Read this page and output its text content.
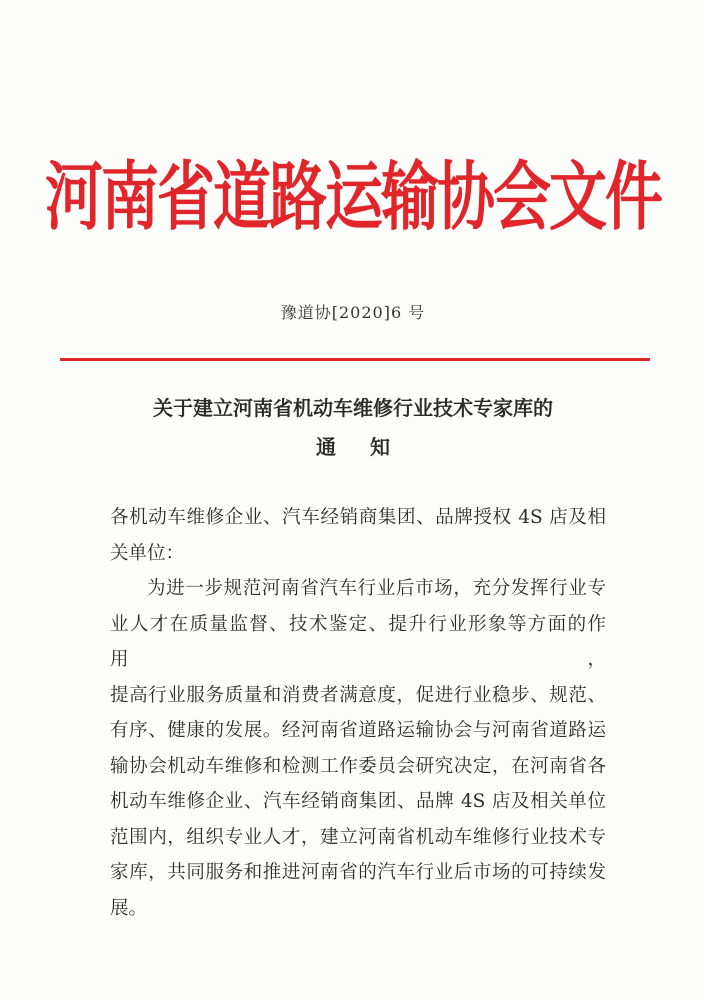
河南省道路运输协会文件
豫道协[2020]6 号
关于建立河南省机动车维修行业技术专家库的
通知
各机动车维修企业、汽车经销商集团、品牌授权 4S 店及相
关单位：
为进一步规范河南省汽车行业后市场，充分发挥行业专
业人才在质量监督、技术鉴定、提升行业形象等方面的作用，
提高行业服务质量和消费者满意度，促进行业稳步、规范、
有序、健康的发展。经河南省道路运输协会与河南省道路运
输协会机动车维修和检测工作委员会研究决定，在河南省各
机动车维修企业、汽车经销商集团、品牌 4S 店及相关单位
范围内，组织专业人才，建立河南省机动车维修行业技术专
家库，共同服务和推进河南省的汽车行业后市场的可持续发
展。
